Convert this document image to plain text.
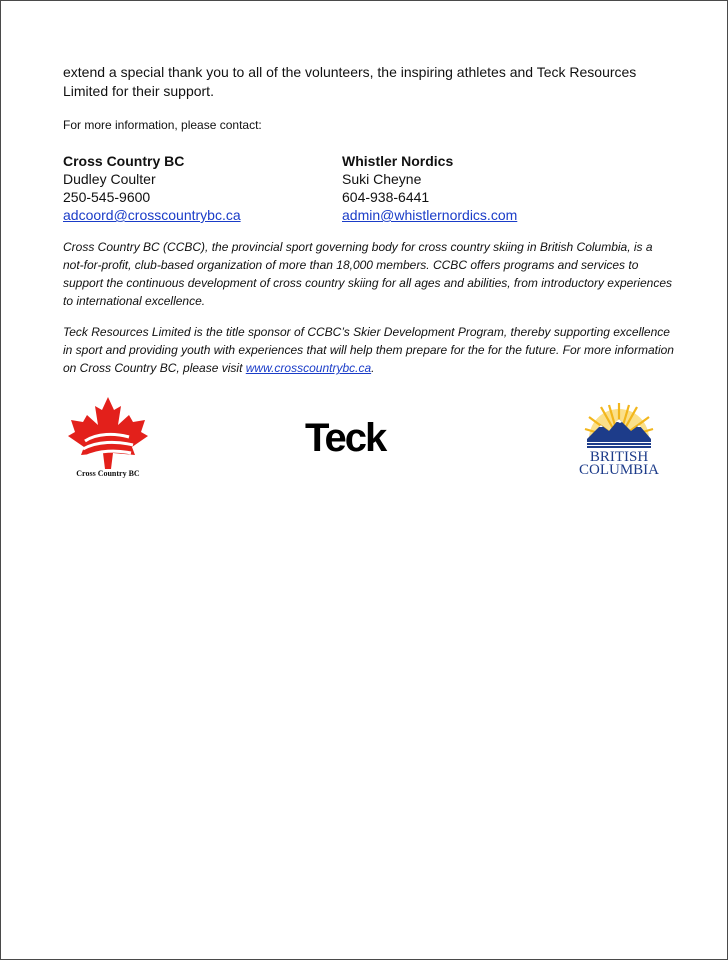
extend a special thank you to all of the volunteers, the inspiring athletes and Teck Resources Limited for their support.

For more information, please contact:

Cross Country BC
Dudley Coulter
250-545-9600
adcoord@crosscountrybc.ca
Whistler Nordics
Suki Cheyne
604-938-6441
admin@whistlernordics.com

Cross Country BC (CCBC), the provincial sport governing body for cross country skiing in British Columbia, is a not-for-profit, club-based organization of more than 18,000 members. CCBC offers programs and services to support the continuous development of cross country skiing for all ages and abilities, from introductory experiences to international excellence.

Teck Resources Limited is the title sponsor of CCBC’s Skier Development Program, thereby supporting excellence in sport and providing youth with experiences that will help them prepare for the for the future. For more information on Cross Country BC, please visit www.crosscountrybc.ca.

Cross Country BC
Teck	BRITISH
COLUMBIA
